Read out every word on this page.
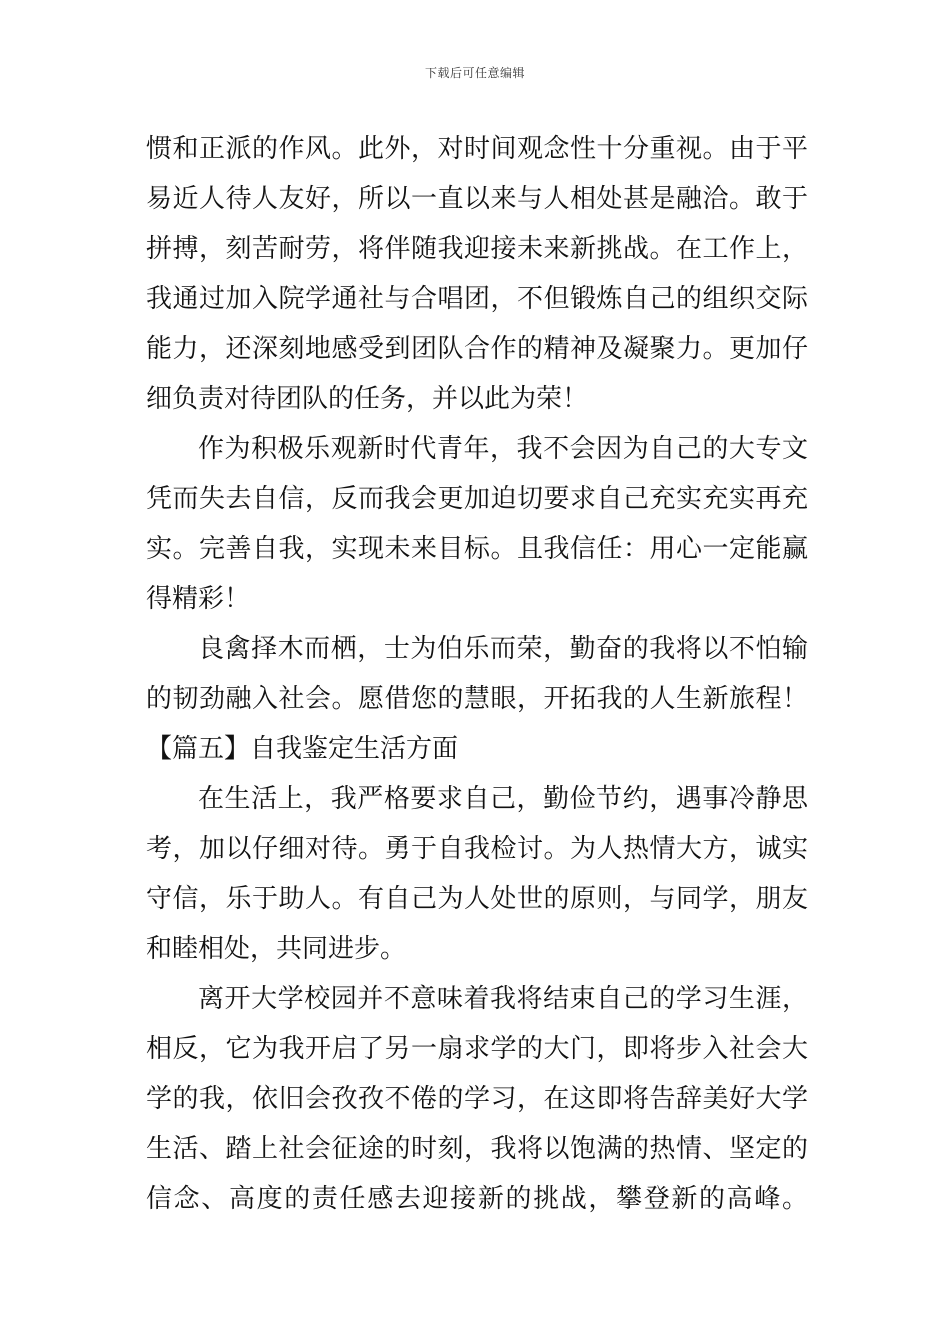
下载后可任意编辑
惯和正派的作风。此外，对时间观念性十分重视。由于平
易近人待人友好，所以一直以来与人相处甚是融洽。敢于
拼搏，刻苦耐劳，将伴随我迎接未来新挑战。在工作上，
我通过加入院学通社与合唱团，不但锻炼自己的组织交际
能力，还深刻地感受到团队合作的精神及凝聚力。更加仔
细负责对待团队的任务，并以此为荣！
作为积极乐观新时代青年，我不会因为自己的大专文
凭而失去自信，反而我会更加迫切要求自己充实充实再充
实。完善自我，实现未来目标。且我信任：用心一定能赢
得精彩！
良禽择木而栖，士为伯乐而荣，勤奋的我将以不怕输
的韧劲融入社会。愿借您的慧眼，开拓我的人生新旅程！
【篇五】自我鉴定生活方面
在生活上，我严格要求自己，勤俭节约，遇事冷静思
考，加以仔细对待。勇于自我检讨。为人热情大方，诚实
守信，乐于助人。有自己为人处世的原则，与同学，朋友
和睦相处，共同进步。
离开大学校园并不意味着我将结束自己的学习生涯，
相反，它为我开启了另一扇求学的大门，即将步入社会大
学的我，依旧会孜孜不倦的学习，在这即将告辞美好大学
生活、踏上社会征途的时刻，我将以饱满的热情、坚定的
信念、高度的责任感去迎接新的挑战，攀登新的高峰。
